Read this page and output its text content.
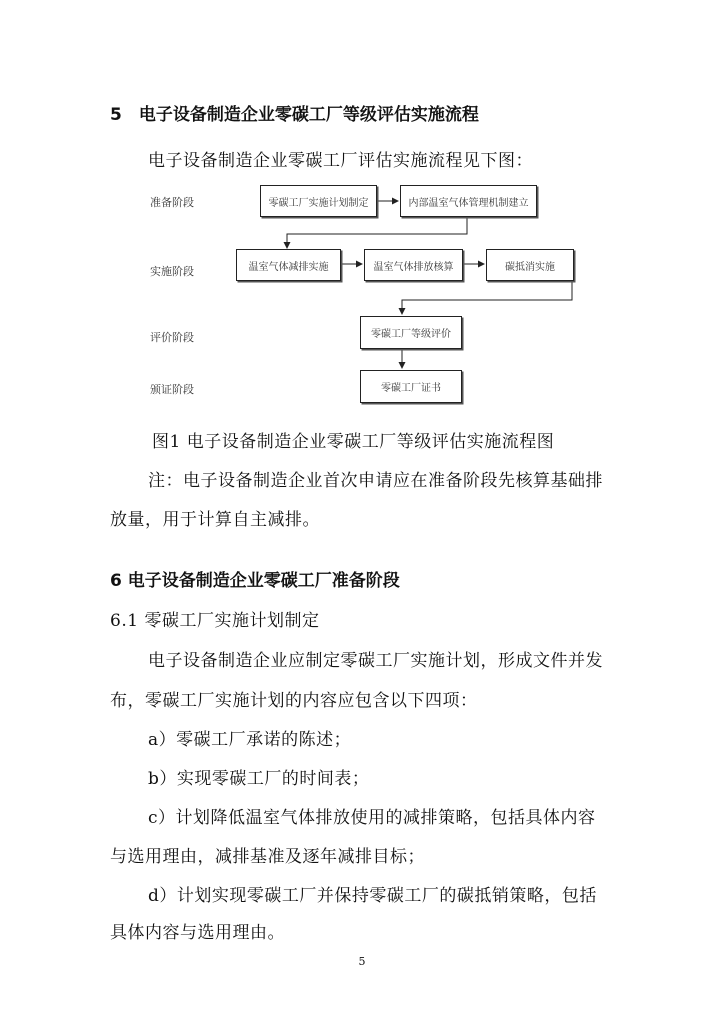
5　电子设备制造企业零碳工厂等级评估实施流程
电子设备制造企业零碳工厂评估实施流程见下图：
准备阶段
实施阶段
评价阶段
颁证阶段
零碳工厂实施计划制定	内部温室气体管理机制建立
温室气体减排实施	温室气体排放核算	碳抵消实施
零碳工厂等级评价
零碳工厂证书
图1 电子设备制造企业零碳工厂等级评估实施流程图
注：电子设备制造企业首次申请应在准备阶段先核算基础排
放量，用于计算自主减排。
6 电子设备制造企业零碳工厂准备阶段
6.1 零碳工厂实施计划制定
电子设备制造企业应制定零碳工厂实施计划，形成文件并发
布，零碳工厂实施计划的内容应包含以下四项：
a）零碳工厂承诺的陈述；
b）实现零碳工厂的时间表；
c）计划降低温室气体排放使用的减排策略，包括具体内容
与选用理由，减排基准及逐年减排目标；
d）计划实现零碳工厂并保持零碳工厂的碳抵销策略，包括
具体内容与选用理由。
5
